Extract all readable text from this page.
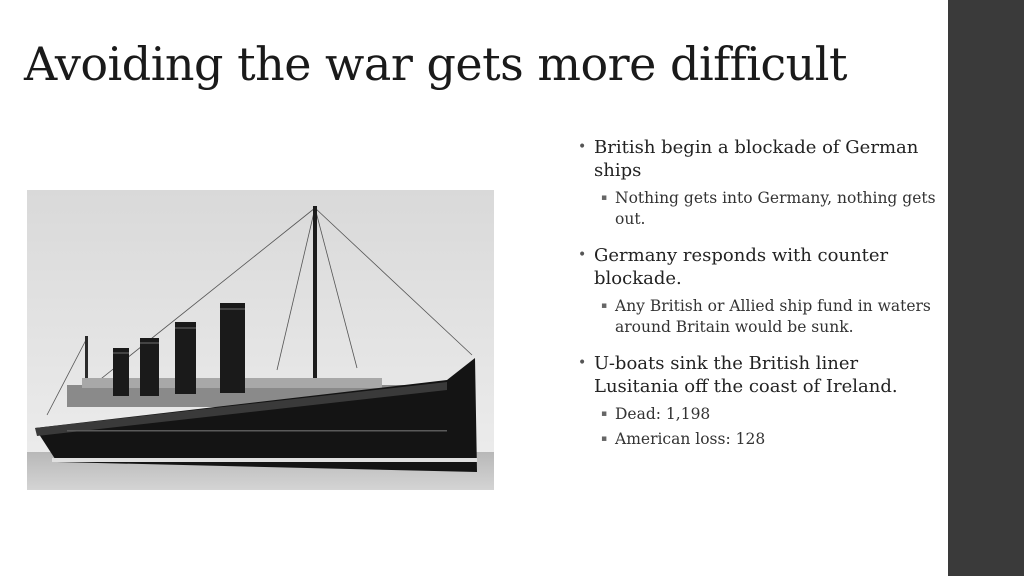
Avoiding the war gets more difficult
• British begin a blockade of German ships
▪ Nothing gets into Germany, nothing gets out.
• Germany responds with counter blockade.
▪ Any British or Allied ship fund in waters around Britain would be sunk.
• U-boats sink the British liner Lusitania off the coast of Ireland.
▪ Dead: 1,198
▪ American loss: 128
